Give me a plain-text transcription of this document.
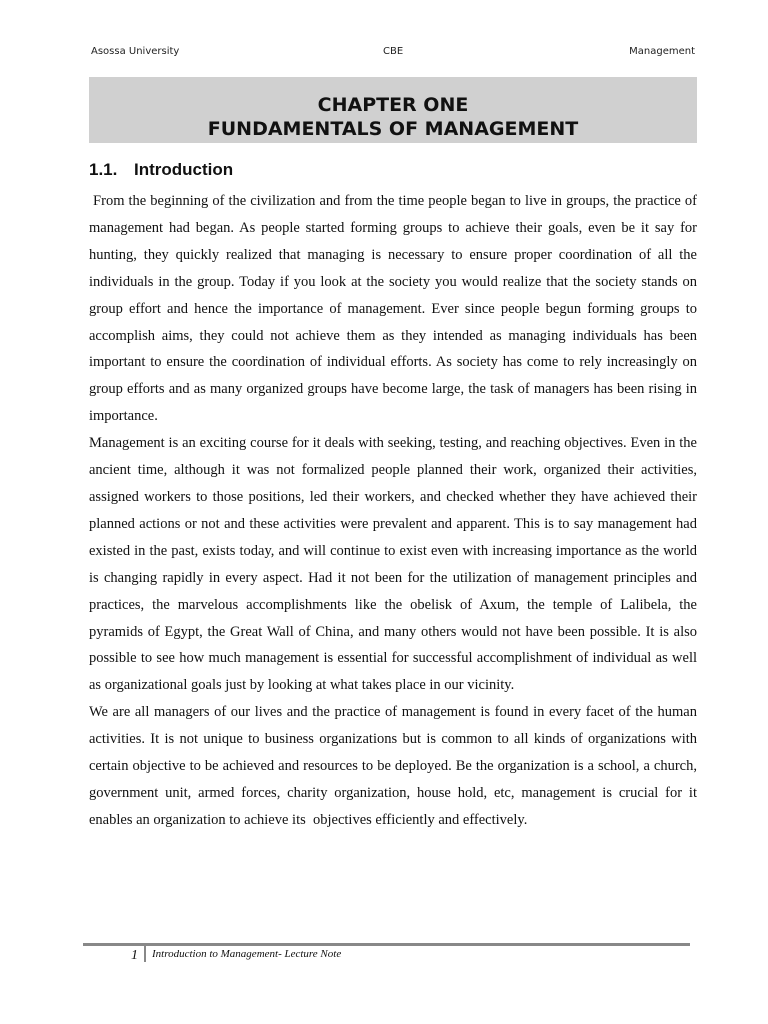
Asossa University	CBE	Management
CHAPTER ONE
FUNDAMENTALS OF MANAGEMENT
1.1. Introduction

From the beginning of the civilization and from the time people began to live in groups, the practice of management had began. As people started forming groups to achieve their goals, even be it say for hunting, they quickly realized that managing is necessary to ensure proper coordination of all the individuals in the group. Today if you look at the society you would realize that the society stands on group effort and hence the importance of management. Ever since people begun forming groups to accomplish aims, they could not achieve them as they intended as managing individuals has been important to ensure the coordination of individual efforts. As society has come to rely increasingly on group efforts and as many organized groups have become large, the task of managers has been rising in importance.

Management is an exciting course for it deals with seeking, testing, and reaching objectives. Even in the ancient time, although it was not formalized people planned their work, organized their activities, assigned workers to those positions, led their workers, and checked whether they have achieved their planned actions or not and these activities were prevalent and apparent. This is to say management had existed in the past, exists today, and will continue to exist even with increasing importance as the world is changing rapidly in every aspect. Had it not been for the utilization of management principles and practices, the marvelous accomplishments like the obelisk of Axum, the temple of Lalibela, the pyramids of Egypt, the Great Wall of China, and many others would not have been possible. It is also possible to see how much management is essential for successful accomplishment of individual as well as organizational goals just by looking at what takes place in our vicinity.

We are all managers of our lives and the practice of management is found in every facet of the human activities. It is not unique to business organizations but is common to all kinds of organizations with certain objective to be achieved and resources to be deployed. Be the organization is a school, a church, government unit, armed forces, charity organization, house hold, etc, management is crucial for it enables an organization to achieve its  objectives efficiently and effectively.

1 Introduction to Management- Lecture Note
